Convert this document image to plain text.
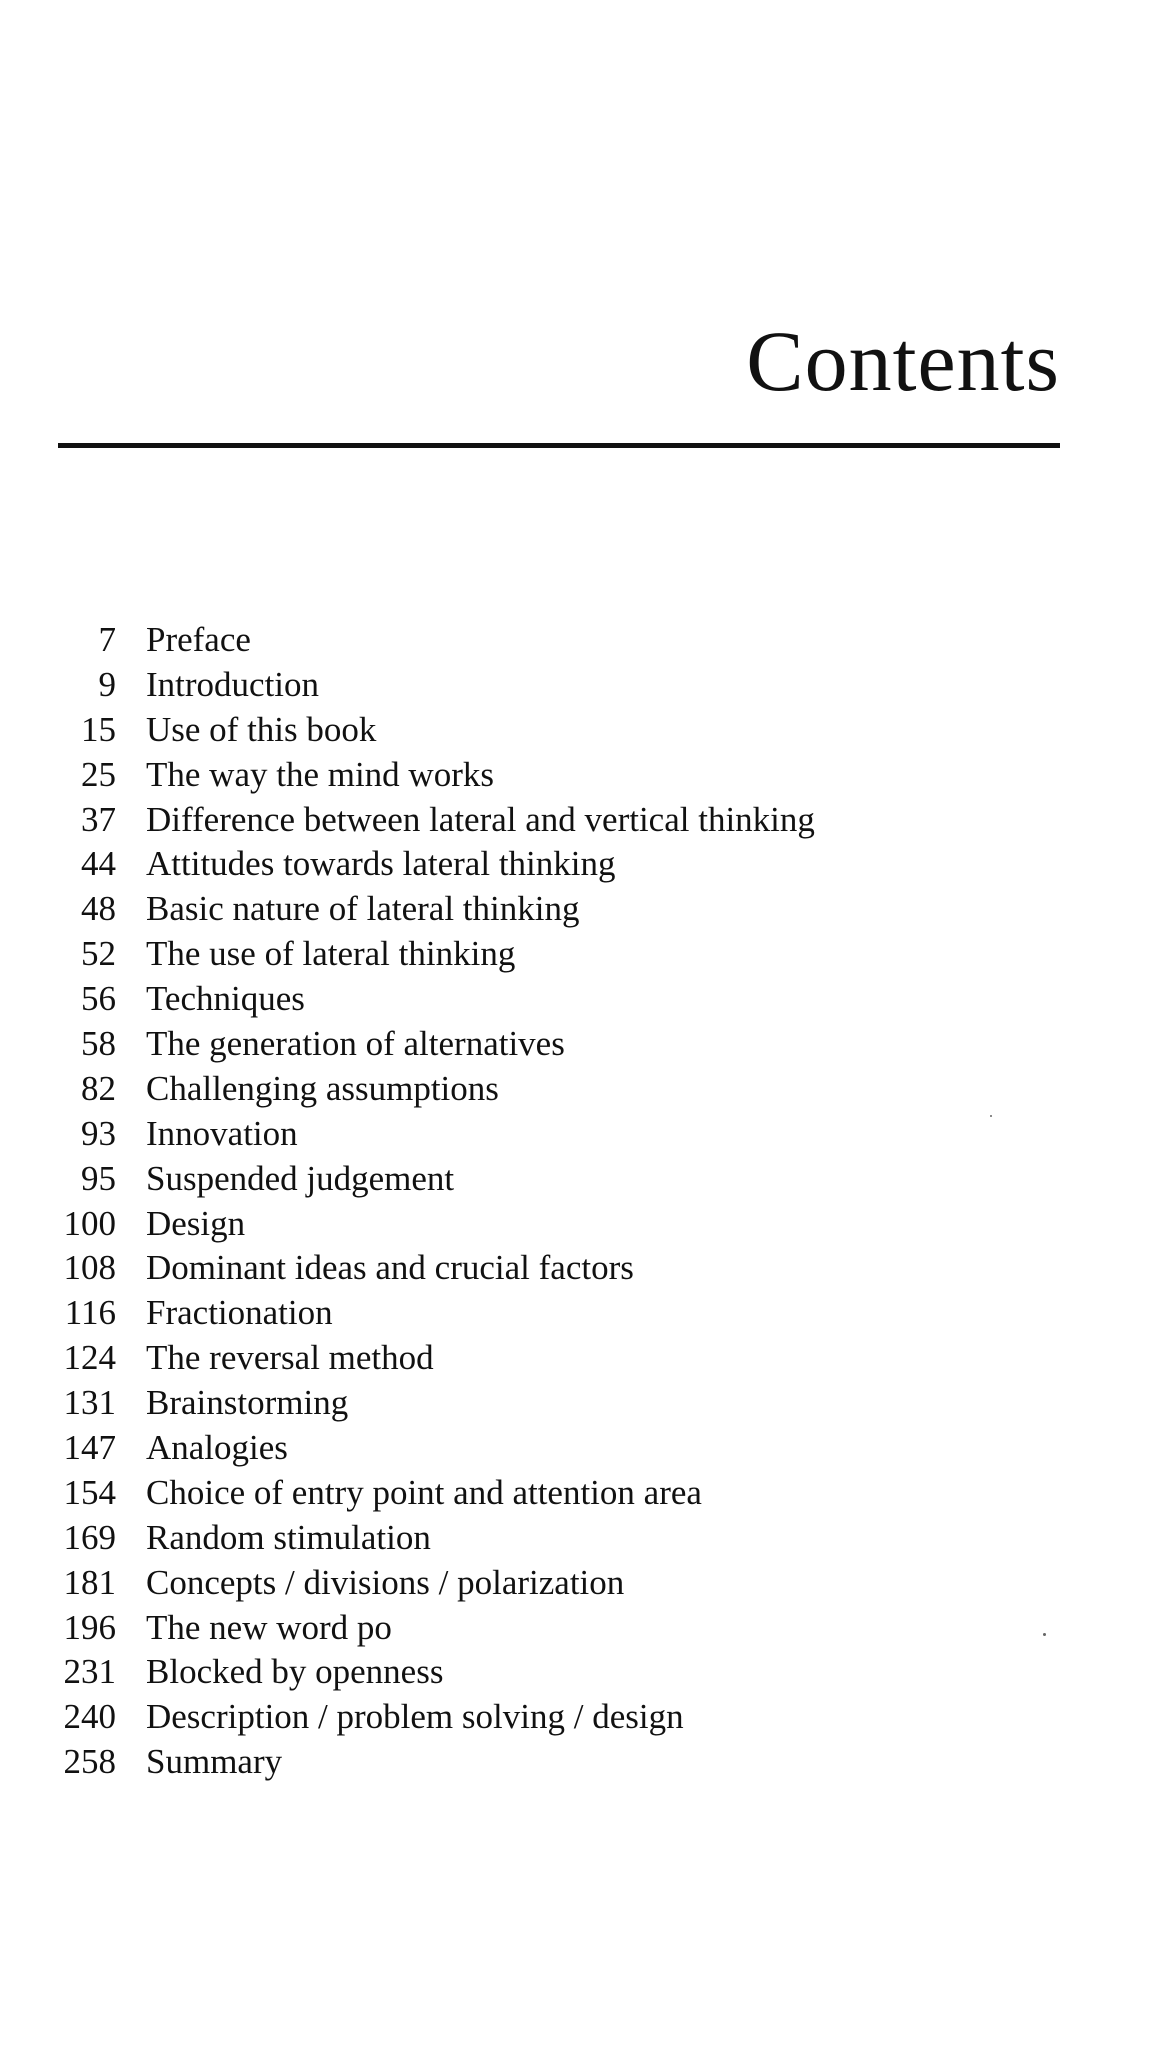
Contents
7 Preface
9 Introduction
15 Use of this book
25 The way the mind works
37 Difference between lateral and vertical thinking
44 Attitudes towards lateral thinking
48 Basic nature of lateral thinking
52 The use of lateral thinking
56 Techniques
58 The generation of alternatives
82 Challenging assumptions
93 Innovation
95 Suspended judgement
100 Design
108 Dominant ideas and crucial factors
116 Fractionation
124 The reversal method
131 Brainstorming
147 Analogies
154 Choice of entry point and attention area
169 Random stimulation
181 Concepts / divisions / polarization
196 The new word po
231 Blocked by openness
240 Description / problem solving / design
258 Summary
